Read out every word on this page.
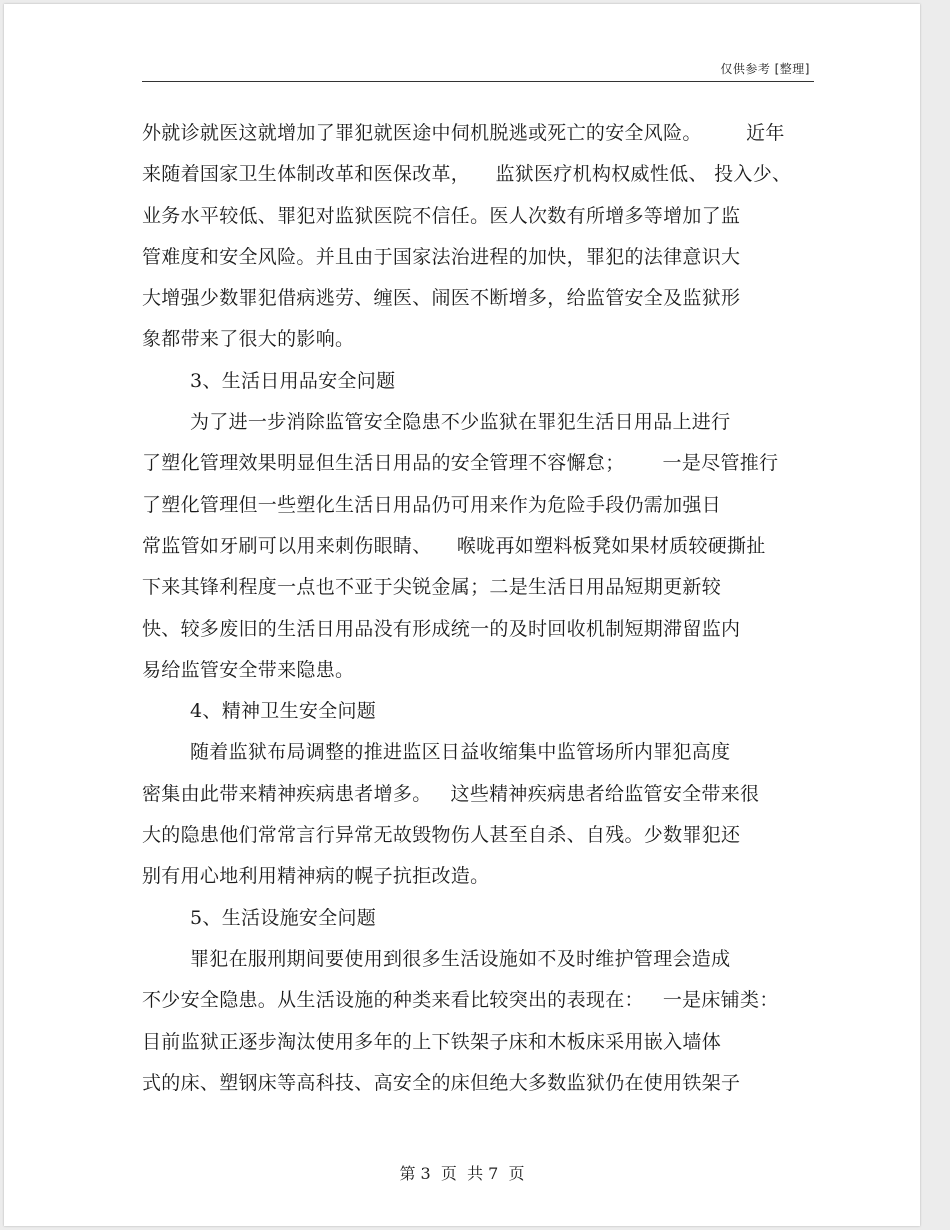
仅供参考 [整理]
外就诊就医这就增加了罪犯就医途中伺机脱逃或死亡的安全风险。       近年
来随着国家卫生体制改革和医保改革，    监狱医疗机构权威性低、 投入少、
业务水平较低、罪犯对监狱医院不信任。医人次数有所增多等增加了监
管难度和安全风险。并且由于国家法治进程的加快，罪犯的法律意识大
大增强少数罪犯借病逃劳、缠医、闹医不断增多，给监管安全及监狱形
象都带来了很大的影响。
3、生活日用品安全问题
为了进一步消除监管安全隐患不少监狱在罪犯生活日用品上进行
了塑化管理效果明显但生活日用品的安全管理不容懈怠；      一是尽管推行
了塑化管理但一些塑化生活日用品仍可用来作为危险手段仍需加强日
常监管如牙刷可以用来刺伤眼睛、    喉咙再如塑料板凳如果材质较硬撕扯
下来其锋利程度一点也不亚于尖锐金属；二是生活日用品短期更新较
快、较多废旧的生活日用品没有形成统一的及时回收机制短期滞留监内
易给监管安全带来隐患。
4、精神卫生安全问题
随着监狱布局调整的推进监区日益收缩集中监管场所内罪犯高度
密集由此带来精神疾病患者增多。   这些精神疾病患者给监管安全带来很
大的隐患他们常常言行异常无故毁物伤人甚至自杀、自残。少数罪犯还
别有用心地利用精神病的幌子抗拒改造。
5、生活设施安全问题
罪犯在服刑期间要使用到很多生活设施如不及时维护管理会造成
不少安全隐患。从生活设施的种类来看比较突出的表现在：   一是床铺类：
目前监狱正逐步淘汰使用多年的上下铁架子床和木板床采用嵌入墙体
式的床、塑钢床等高科技、高安全的床但绝大多数监狱仍在使用铁架子
第 3  页  共 7  页
